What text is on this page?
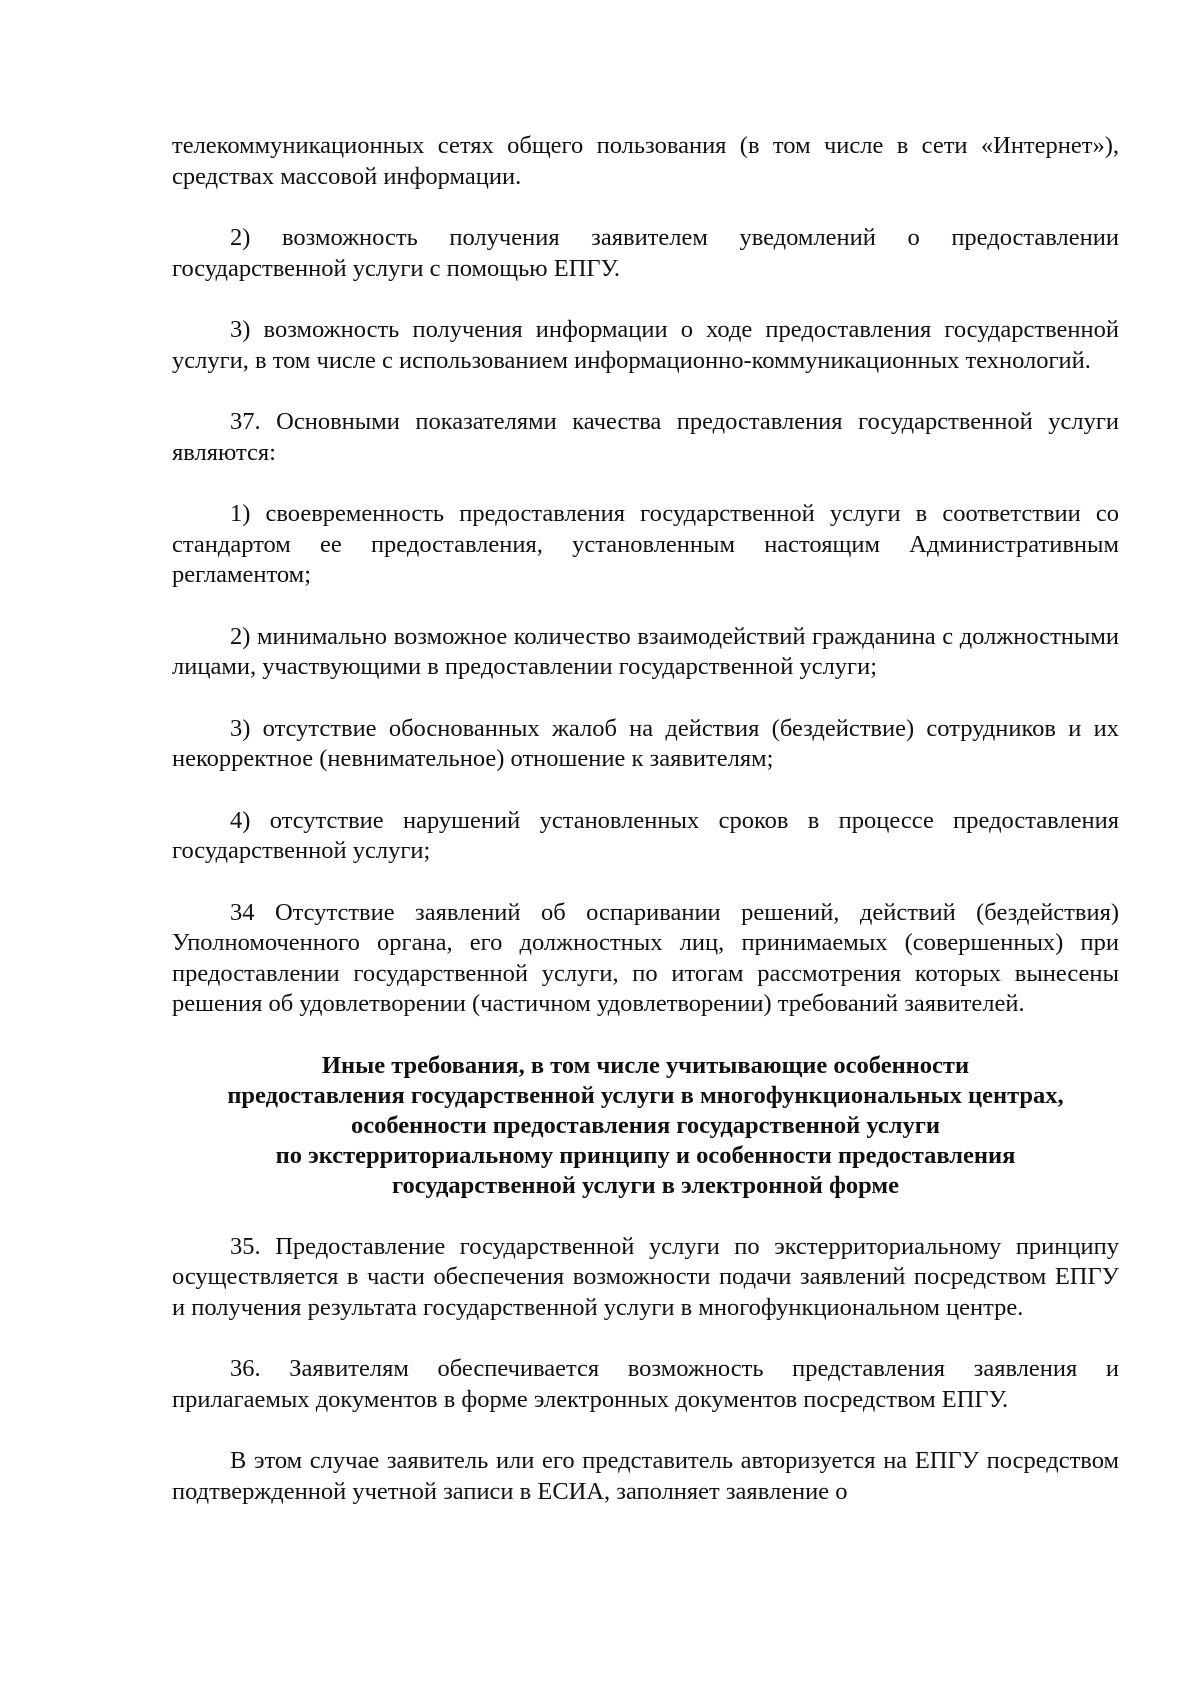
телекоммуникационных сетях общего пользования (в том числе в сети «Интернет»), средствах массовой информации.

2) возможность получения заявителем уведомлений о предоставлении государственной услуги с помощью ЕПГУ.

3) возможность получения информации о ходе предоставления государственной услуги, в том числе с использованием информационно-коммуникационных технологий.

37. Основными показателями качества предоставления государственной услуги являются:

1) своевременность предоставления государственной услуги в соответствии со стандартом ее предоставления, установленным настоящим Административным регламентом;

2) минимально возможное количество взаимодействий гражданина с должностными лицами, участвующими в предоставлении государственной услуги;

3) отсутствие обоснованных жалоб на действия (бездействие) сотрудников и их некорректное (невнимательное) отношение к заявителям;

4) отсутствие нарушений установленных сроков в процессе предоставления государственной услуги;

34 Отсутствие заявлений об оспаривании решений, действий (бездействия) Уполномоченного органа, его должностных лиц, принимаемых (совершенных) при предоставлении государственной услуги, по итогам рассмотрения которых вынесены решения об удовлетворении (частичном удовлетворении) требований заявителей.

Иные требования, в том числе учитывающие особенности
предоставления государственной услуги в многофункциональных центрах,
особенности предоставления государственной услуги
по экстерриториальному принципу и особенности предоставления
государственной услуги в электронной форме

35. Предоставление государственной услуги по экстерриториальному принципу осуществляется в части обеспечения возможности подачи заявлений посредством ЕПГУ и получения результата государственной услуги в многофункциональном центре.

36. Заявителям обеспечивается возможность представления заявления и прилагаемых документов в форме электронных документов посредством ЕПГУ.

В этом случае заявитель или его представитель авторизуется на ЕПГУ посредством подтвержденной учетной записи в ЕСИА, заполняет заявление о
